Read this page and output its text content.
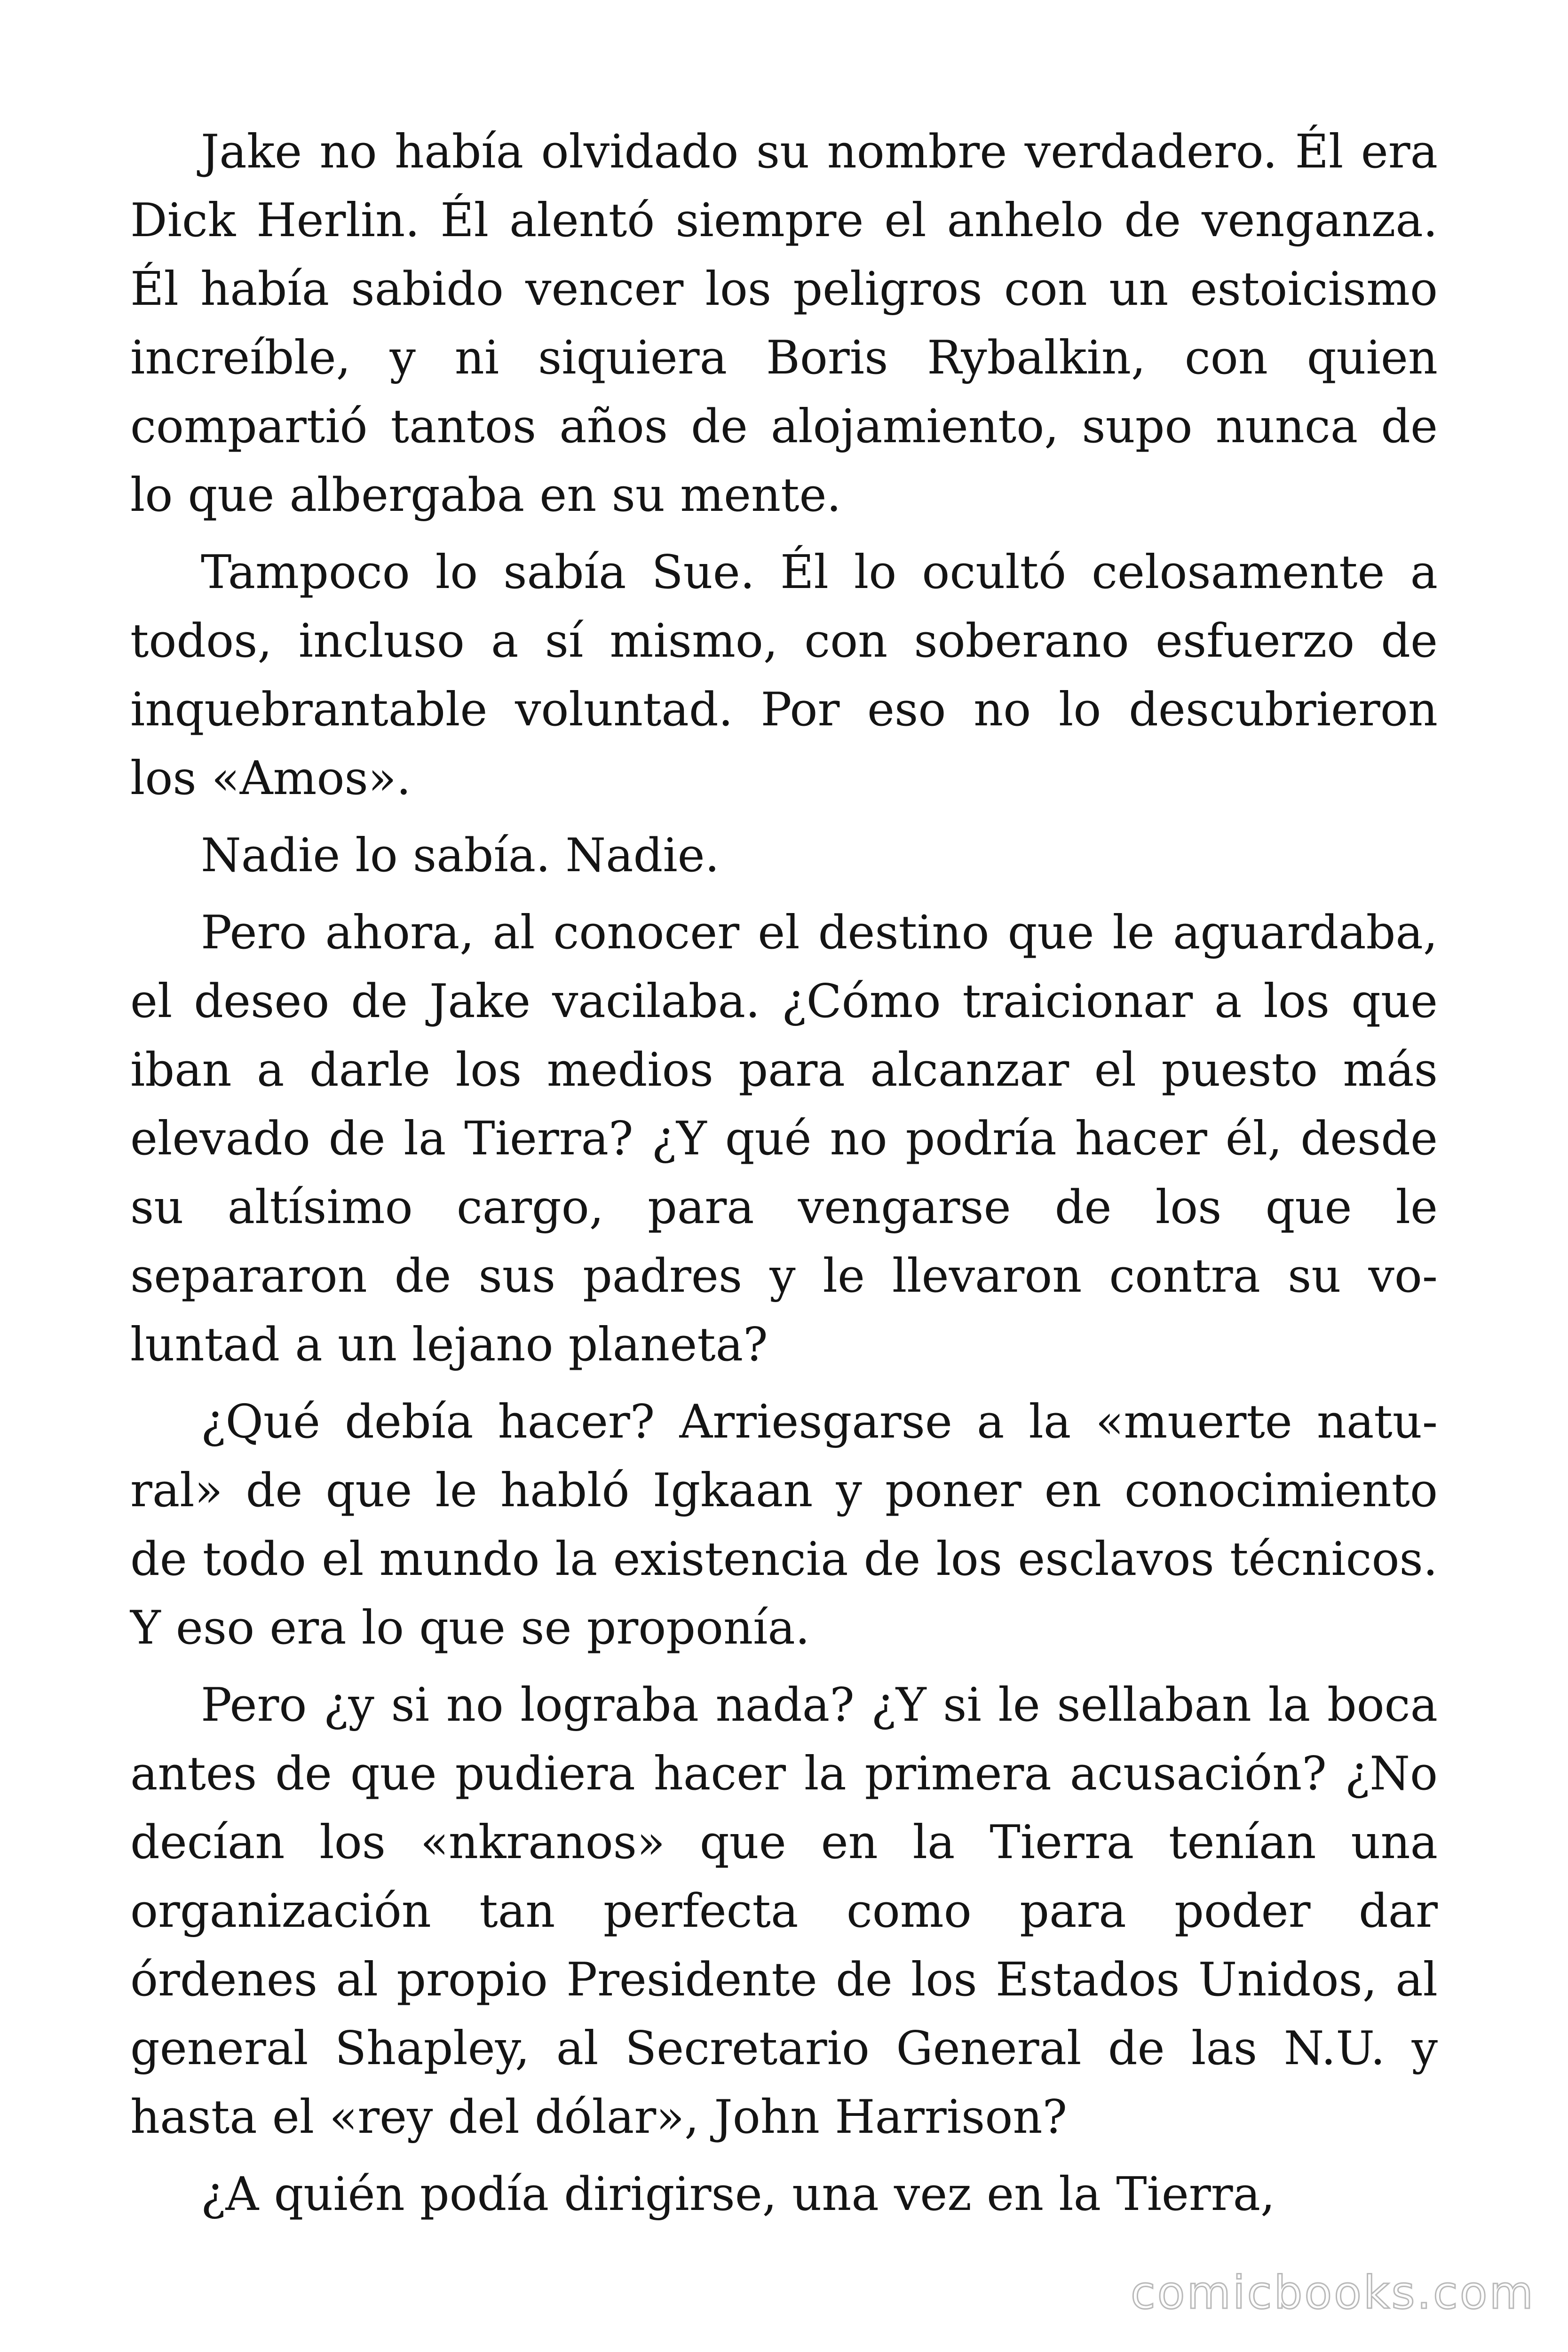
Jake no había olvidado su nombre verdadero. Él era Dick Herlin. Él alentó siempre el anhelo de venganza. Él había sabido vencer los peligros con un estoicismo increíble, y ni siquiera Boris Rybalkin, con quien compartió tantos años de alojamiento, supo nunca de lo que albergaba en su mente.

Tampoco lo sabía Sue. Él lo ocultó celosamente a todos, incluso a sí mismo, con soberano esfuerzo de inquebrantable voluntad. Por eso no lo descubrieron los «Amos».

Nadie lo sabía. Nadie.

Pero ahora, al conocer el destino que le aguardaba, el deseo de Jake vacilaba. ¿Cómo traicionar a los que iban a darle los medios para alcanzar el puesto más elevado de la Tierra? ¿Y qué no podría hacer él, desde su altísimo cargo, para vengarse de los que le separaron de sus padres y le llevaron contra su voluntad a un lejano planeta?

¿Qué debía hacer? Arriesgarse a la «muerte natural» de que le habló Igkaan y poner en conocimiento de todo el mundo la existencia de los esclavos técnicos. Y eso era lo que se proponía.

Pero ¿y si no lograba nada? ¿Y si le sellaban la boca antes de que pudiera hacer la primera acusación? ¿No decían los «nkranos» que en la Tierra tenían una organización tan perfecta como para poder dar órdenes al propio Presidente de los Estados Unidos, al general Shapley, al Secretario General de las N.U. y hasta el «rey del dólar», John Harrison?

¿A quién podía dirigirse, una vez en la Tierra,

comicbooks.com
